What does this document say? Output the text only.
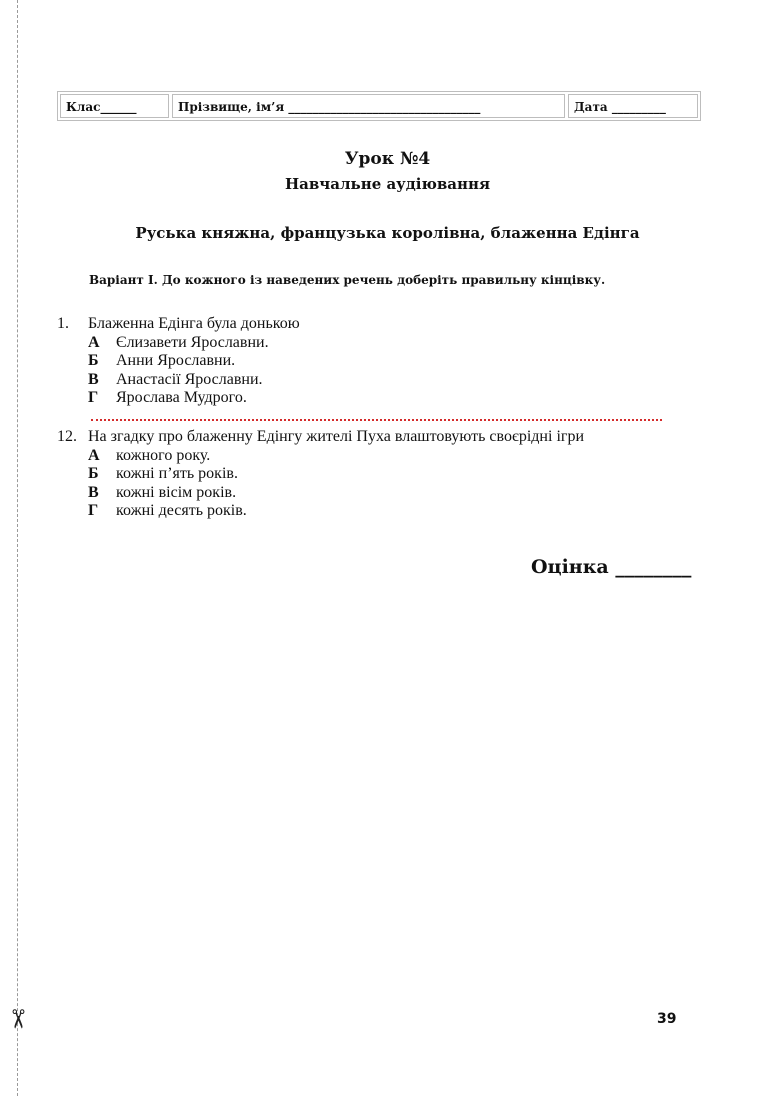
✂
Клас______	Прізвище, ім’я ________________________________	Дата _________
Урок №4
Навчальне аудіювання
Руська княжна, французька королівна, блаженна Едінга
Варіант І. До кожного із наведених речень доберіть правильну кінцівку.
1. Блаженна Едінга була донькою
А Єлизавети Ярославни.
Б Анни Ярославни.
В Анастасії Ярославни.
Г Ярослава Мудрого.
12. На згадку про блаженну Едінгу жителі Пуха влаштовують своєрідні ігри
А кожного року.
Б кожні п’ять років.
В кожні вісім років.
Г кожні десять років.
Оцінка ________
39
